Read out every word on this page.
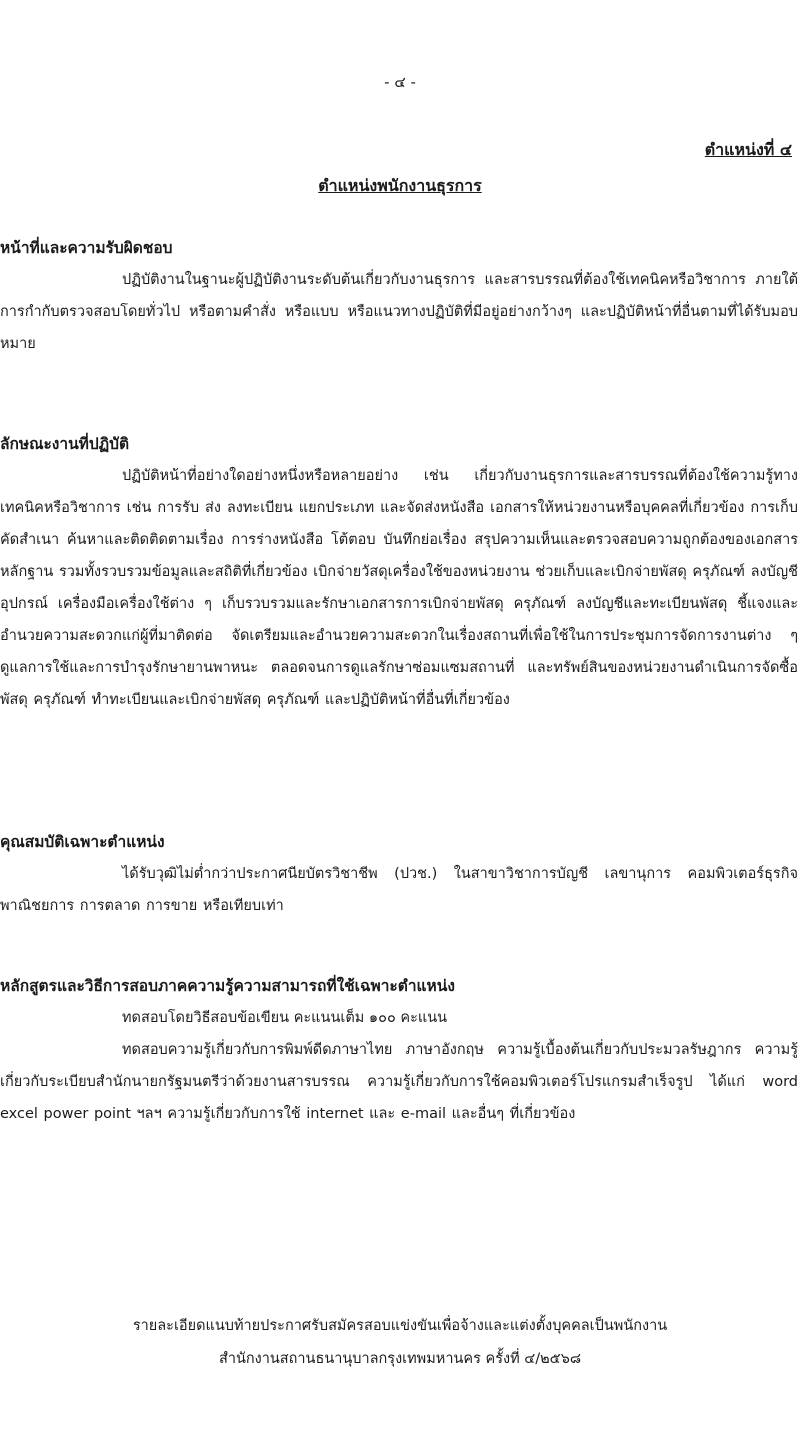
- ๔ -
ตำแหน่งที่ ๔
ตำแหน่งพนักงานธุรการ

หน้าที่และความรับผิดชอบ

ปฏิบัติงานในฐานะผู้ปฏิบัติงานระดับต้นเกี่ยวกับงานธุรการ และสารบรรณที่ต้องใช้เทคนิคหรือวิชาการ ภายใต้การกำกับตรวจสอบโดยทั่วไป หรือตามคำสั่ง หรือแบบ หรือแนวทางปฏิบัติที่มีอยู่อย่างกว้างๆ และปฏิบัติหน้าที่อื่นตามที่ได้รับมอบหมาย

ลักษณะงานที่ปฏิบัติ

ปฏิบัติหน้าที่อย่างใดอย่างหนึ่งหรือหลายอย่าง เช่น เกี่ยวกับงานธุรการและสารบรรณที่ต้องใช้ความรู้ทางเทคนิคหรือวิชาการ เช่น การรับ ส่ง ลงทะเบียน แยกประเภท และจัดส่งหนังสือ เอกสารให้หน่วยงานหรือบุคคลที่เกี่ยวข้อง การเก็บ คัดสำเนา ค้นหาและติดติดตามเรื่อง การร่างหนังสือ โต้ตอบ บันทึกย่อเรื่อง สรุปความเห็นและตรวจสอบความถูกต้องของเอกสารหลักฐาน รวมทั้งรวบรวมข้อมูลและสถิติที่เกี่ยวข้อง เบิกจ่ายวัสดุเครื่องใช้ของหน่วยงาน ช่วยเก็บและเบิกจ่ายพัสดุ ครุภัณฑ์ ลงบัญชี อุปกรณ์ เครื่องมือเครื่องใช้ต่าง ๆ เก็บรวบรวมและรักษาเอกสารการเบิกจ่ายพัสดุ ครุภัณฑ์ ลงบัญชีและทะเบียนพัสดุ ชี้แจงและอำนวยความสะดวกแก่ผู้ที่มาติดต่อ จัดเตรียมและอำนวยความสะดวกในเรื่องสถานที่เพื่อใช้ในการประชุมการจัดการงานต่าง ๆ ดูแลการใช้และการบำรุงรักษายานพาหนะ ตลอดจนการดูแลรักษาซ่อมแซมสถานที่ และทรัพย์สินของหน่วยงานดำเนินการจัดซื้อพัสดุ ครุภัณฑ์ ทำทะเบียนและเบิกจ่ายพัสดุ ครุภัณฑ์ และปฏิบัติหน้าที่อื่นที่เกี่ยวข้อง

คุณสมบัติเฉพาะตำแหน่ง

ได้รับวุฒิไม่ต่ำกว่าประกาศนียบัตรวิชาชีพ (ปวช.) ในสาขาวิชาการบัญชี เลขานุการ คอมพิวเตอร์ธุรกิจ พาณิชยการ การตลาด การขาย หรือเทียบเท่า

หลักสูตรและวิธีการสอบภาคความรู้ความสามารถที่ใช้เฉพาะตำแหน่ง

ทดสอบโดยวิธีสอบข้อเขียน คะแนนเต็ม ๑๐๐ คะแนน

ทดสอบความรู้เกี่ยวกับการพิมพ์ดีดภาษาไทย ภาษาอังกฤษ ความรู้เบื้องต้นเกี่ยวกับประมวลรัษฎากร ความรู้เกี่ยวกับระเบียบสำนักนายกรัฐมนตรีว่าด้วยงานสารบรรณ ความรู้เกี่ยวกับการใช้คอมพิวเตอร์โปรแกรมสำเร็จรูป ได้แก่ word excel power point ฯลฯ ความรู้เกี่ยวกับการใช้ internet และ e-mail และอื่นๆ ที่เกี่ยวข้อง

รายละเอียดแนบท้ายประกาศรับสมัครสอบแข่งขันเพื่อจ้างและแต่งตั้งบุคคลเป็นพนักงาน
สำนักงานสถานธนานุบาลกรุงเทพมหานคร ครั้งที่ ๔/๒๕๖๘
